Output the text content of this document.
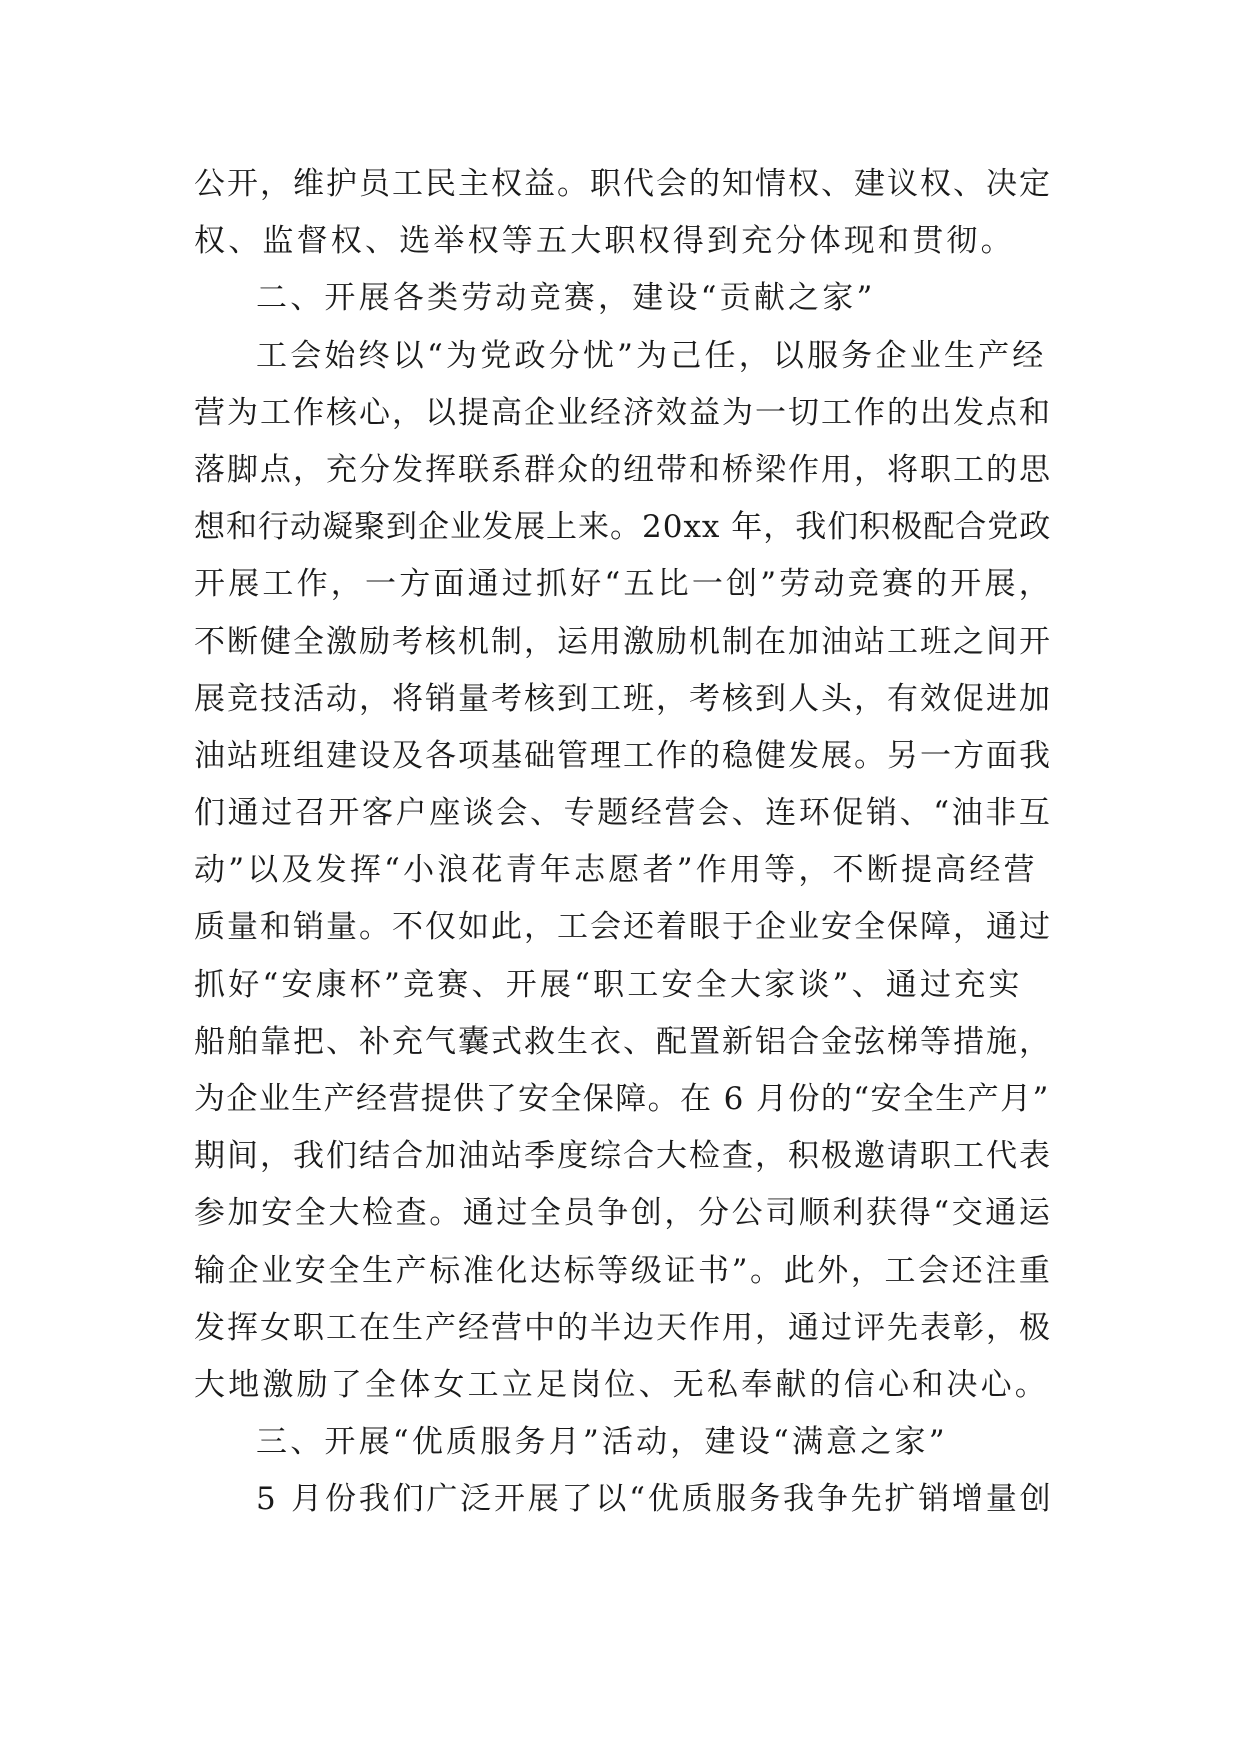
公开，维护员工民主权益。职代会的知情权、建议权、决定
权、监督权、选举权等五大职权得到充分体现和贯彻。
二、开展各类劳动竞赛，建设“贡献之家”
工会始终以“为党政分忧”为己任，以服务企业生产经
营为工作核心，以提高企业经济效益为一切工作的出发点和
落脚点，充分发挥联系群众的纽带和桥梁作用，将职工的思
想和行动凝聚到企业发展上来。20xx 年，我们积极配合党政
开展工作，一方面通过抓好“五比一创”劳动竞赛的开展，
不断健全激励考核机制，运用激励机制在加油站工班之间开
展竞技活动，将销量考核到工班，考核到人头，有效促进加
油站班组建设及各项基础管理工作的稳健发展。另一方面我
们通过召开客户座谈会、专题经营会、连环促销、“油非互
动”以及发挥“小浪花青年志愿者”作用等，不断提高经营
质量和销量。不仅如此，工会还着眼于企业安全保障，通过
抓好“安康杯”竞赛、开展“职工安全大家谈”、通过充实
船舶靠把、补充气囊式救生衣、配置新铝合金弦梯等措施，
为企业生产经营提供了安全保障。在 6 月份的“安全生产月”
期间，我们结合加油站季度综合大检查，积极邀请职工代表
参加安全大检查。通过全员争创，分公司顺利获得“交通运
输企业安全生产标准化达标等级证书”。此外，工会还注重
发挥女职工在生产经营中的半边天作用，通过评先表彰，极
大地激励了全体女工立足岗位、无私奉献的信心和决心。
三、开展“优质服务月”活动，建设“满意之家”
5 月份我们广泛开展了以“优质服务我争先扩销增量创
